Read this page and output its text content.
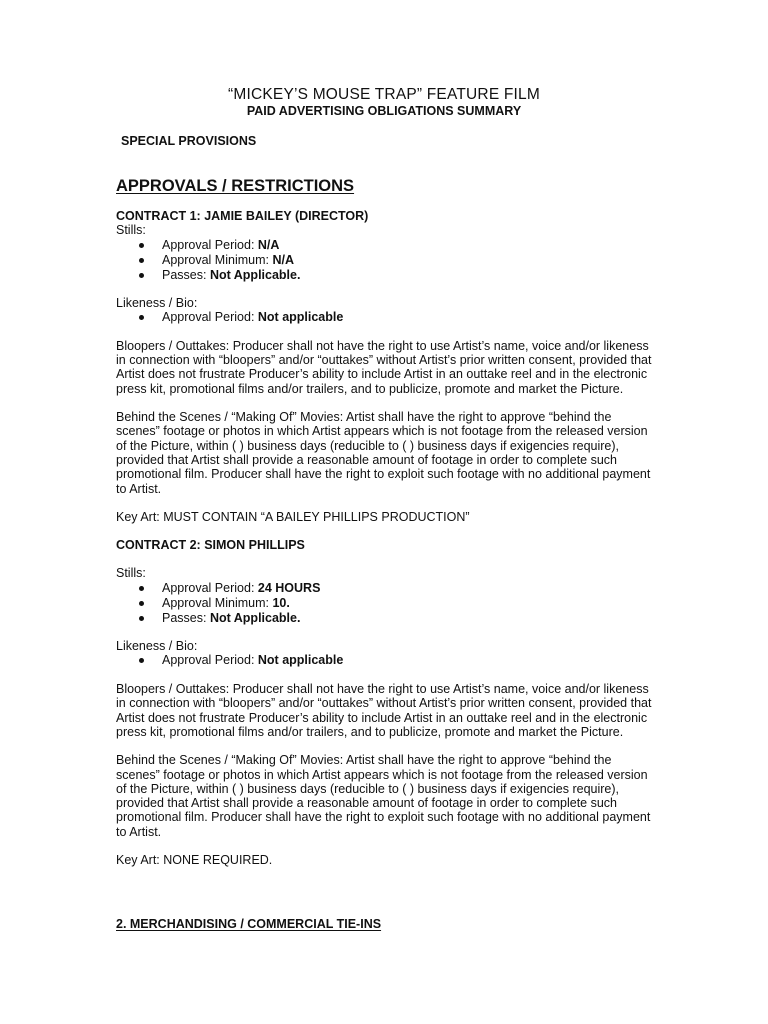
“MICKEY’S MOUSE TRAP” FEATURE FILM
PAID ADVERTISING OBLIGATIONS SUMMARY
SPECIAL PROVISIONS
APPROVALS / RESTRICTIONS

CONTRACT 1: JAMIE BAILEY (DIRECTOR)

Stills:

Approval Period: N/A
Approval Minimum: N/A
Passes: Not Applicable.

Likeness / Bio:

Approval Period: Not applicable

Bloopers / Outtakes: Producer shall not have the right to use Artist’s name, voice and/or likeness in connection with “bloopers” and/or “outtakes” without Artist’s prior written consent, provided that Artist does not frustrate Producer’s ability to include Artist in an outtake reel and in the electronic press kit, promotional films and/or trailers, and to publicize, promote and market the Picture.

Behind the Scenes / “Making Of” Movies: Artist shall have the right to approve “behind the scenes” footage or photos in which Artist appears which is not footage from the released version of the Picture, within ( ) business days (reducible to ( ) business days if exigencies require), provided that Artist shall provide a reasonable amount of footage in order to complete such promotional film. Producer shall have the right to exploit such footage with no additional payment to Artist.

Key Art: MUST CONTAIN “A BAILEY PHILLIPS PRODUCTION”

CONTRACT 2: SIMON PHILLIPS

Stills:

Approval Period: 24 HOURS
Approval Minimum: 10.
Passes: Not Applicable.

Likeness / Bio:

Approval Period: Not applicable

Bloopers / Outtakes: Producer shall not have the right to use Artist’s name, voice and/or likeness in connection with “bloopers” and/or “outtakes” without Artist’s prior written consent, provided that Artist does not frustrate Producer’s ability to include Artist in an outtake reel and in the electronic press kit, promotional films and/or trailers, and to publicize, promote and market the Picture.

Behind the Scenes / “Making Of” Movies: Artist shall have the right to approve “behind the scenes” footage or photos in which Artist appears which is not footage from the released version of the Picture, within ( ) business days (reducible to ( ) business days if exigencies require), provided that Artist shall provide a reasonable amount of footage in order to complete such promotional film. Producer shall have the right to exploit such footage with no additional payment to Artist.

Key Art: NONE REQUIRED.

2. MERCHANDISING / COMMERCIAL TIE-INS
